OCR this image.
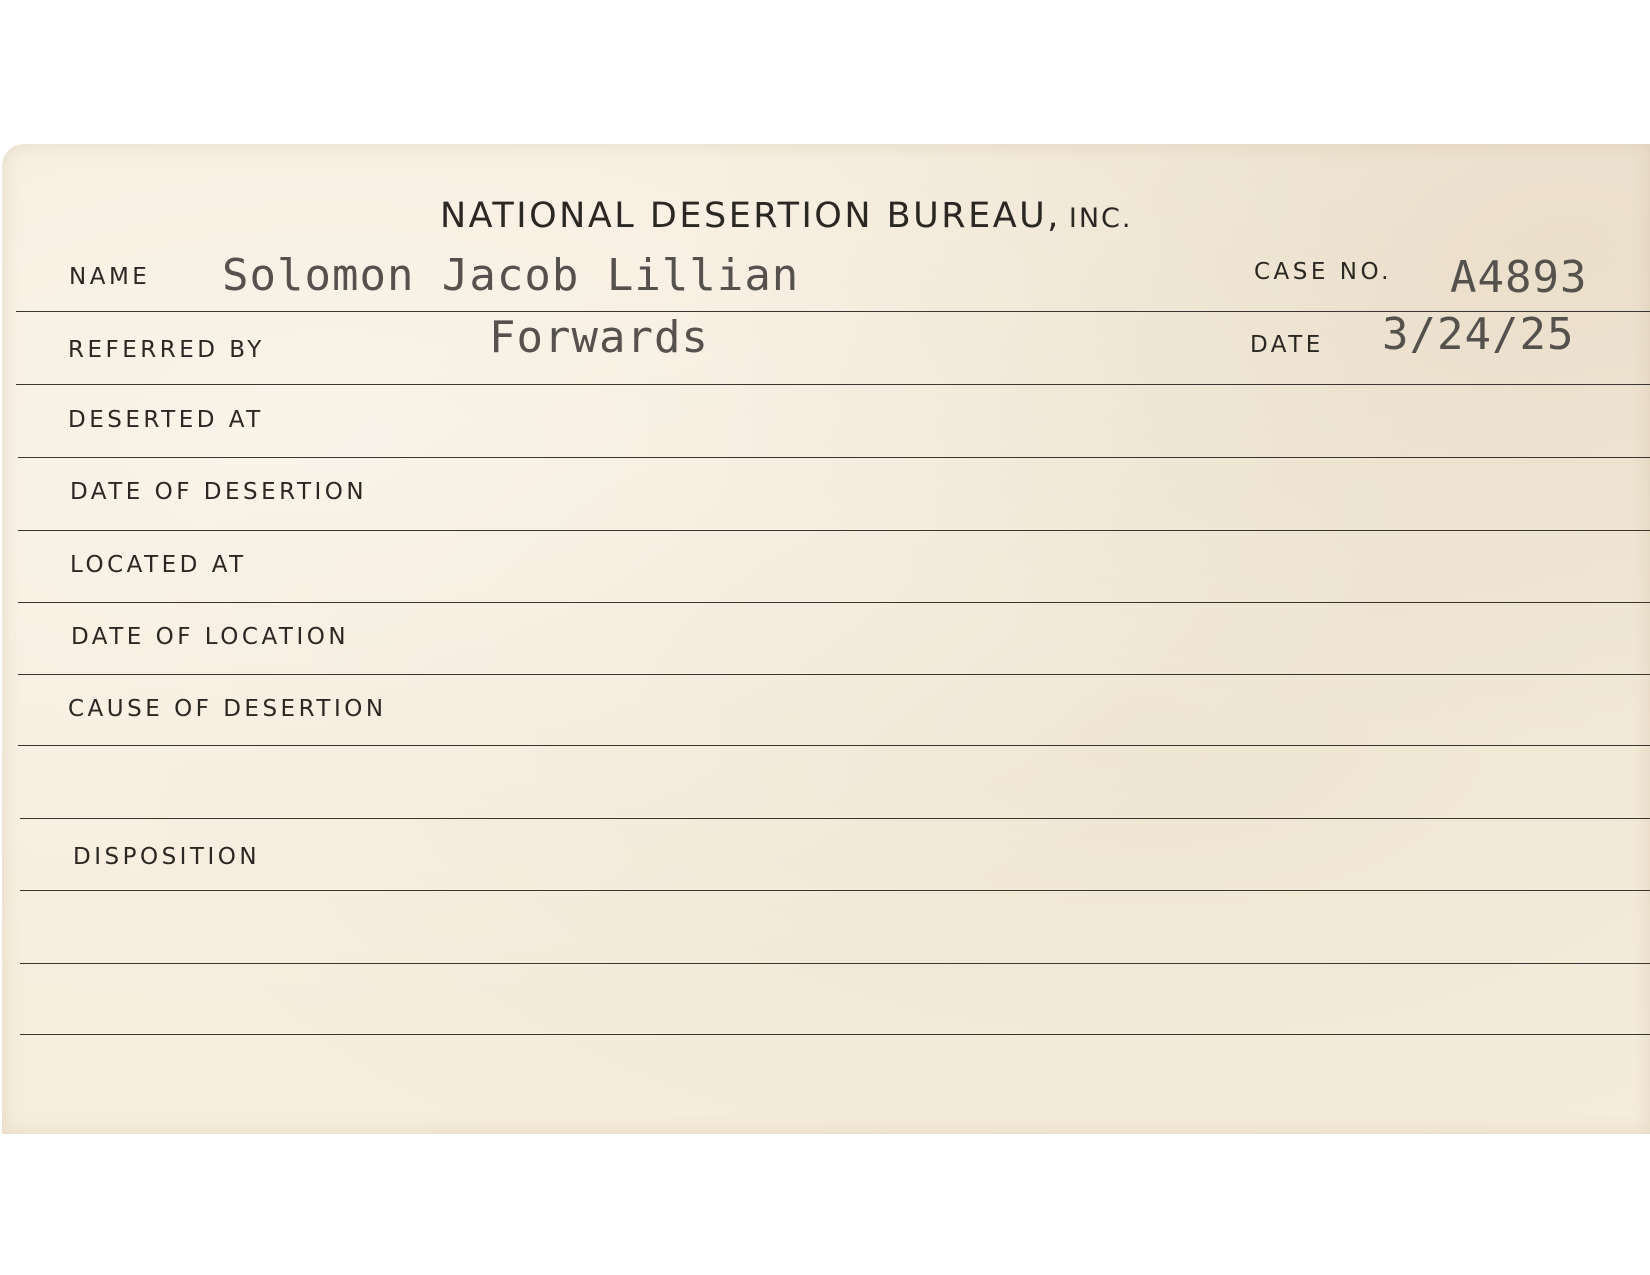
NATIONAL DESERTION BUREAU, INC.
NAME Solomon Jacob Lillian	CASE NO. A4893
REFERRED BY	Forwards	DATE 3/24/25
DESERTED AT
DATE OF DESERTION
LOCATED AT
DATE OF LOCATION
CAUSE OF DESERTION
DISPOSITION
